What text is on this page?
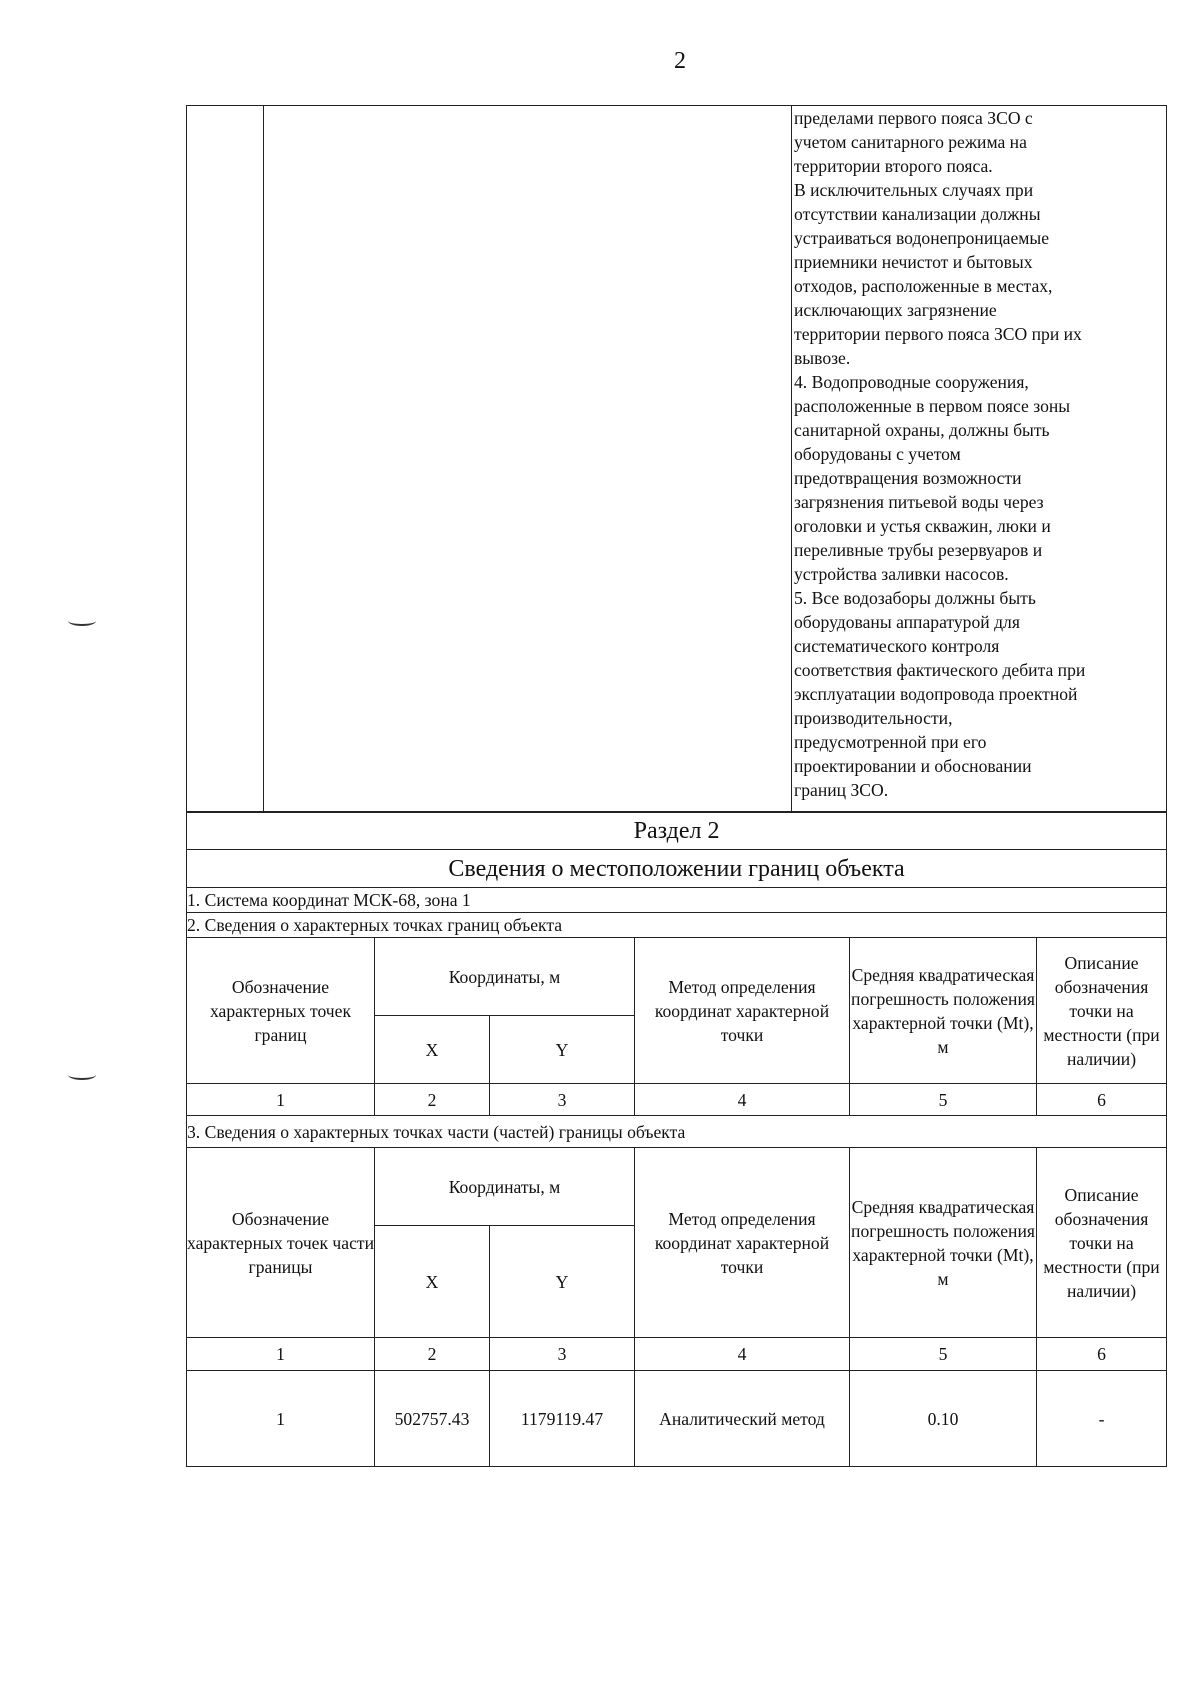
2

пределами первого пояса ЗСО с
учетом санитарного режима на
территории второго пояса.
В исключительных случаях при
отсутствии канализации должны
устраиваться водонепроницаемые
приемники нечистот и бытовых
отходов, расположенные в местах,
исключающих загрязнение
территории первого пояса ЗСО при их
вывозе.
4. Водопроводные сооружения,
расположенные в первом поясе зоны
санитарной охраны, должны быть
оборудованы с учетом
предотвращения возможности
загрязнения питьевой воды через
оголовки и устья скважин, люки и
переливные трубы резервуаров и
устройства заливки насосов.
5. Все водозаборы должны быть
оборудованы аппаратурой для
систематического контроля
соответствия фактического дебита при
эксплуатации водопровода проектной
производительности,
предусмотренной при его
проектировании и обосновании
границ ЗСО.
Раздел 2					
Сведения о местоположении границ объекта					
1. Система координат МСК-68, зона 1					
2. Сведения о характерных точках границ объекта					
Обозначение характерных точек границ	Координаты, м		Метод определения координат характерной точки	Средняя квадратическая погрешность положения характерной точки (Mt), м	Описание обозначения точки на местности (при наличии)
	X	Y			
1	2	3	4	5	6
3. Сведения о характерных точках части (частей) границы объекта					
Обозначение характерных точек части границы	Координаты, м		Метод определения координат характерной точки	Средняя квадратическая погрешность положения характерной точки (Mt), м	Описание обозначения точки на местности (при наличии)
	X	Y			
1	2	3	4	5	6
1	502757.43	1179119.47	Аналитический метод	0.10	-
